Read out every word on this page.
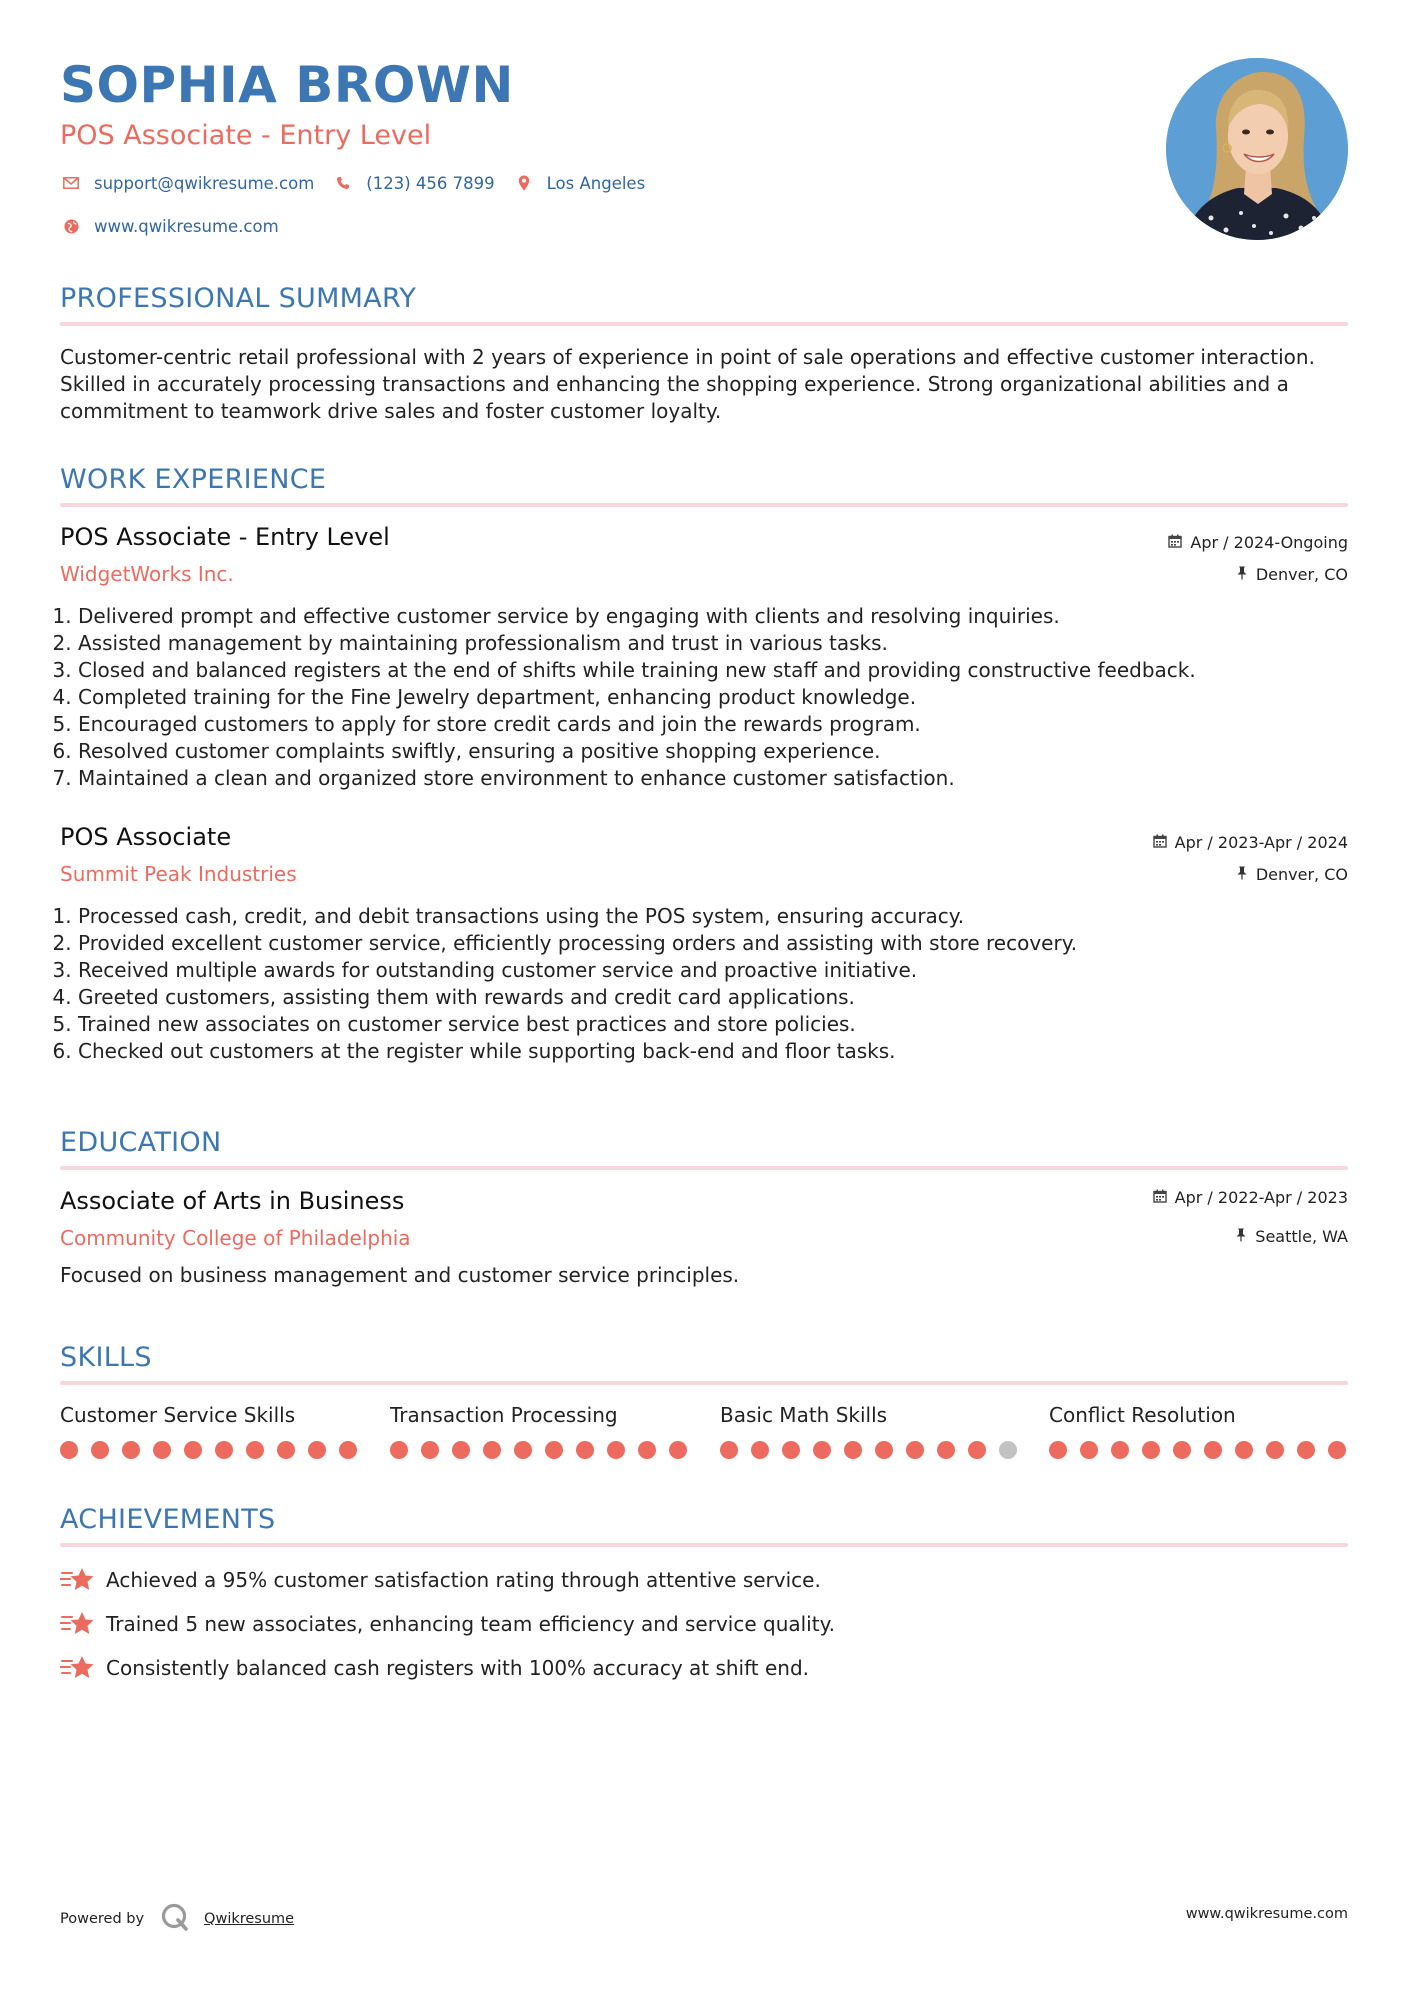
SOPHIA BROWN
POS Associate - Entry Level
support@qwikresume.com	(123) 456 7899	Los Angeles
www.qwikresume.com
PROFESSIONAL SUMMARY

Customer-centric retail professional with 2 years of experience in point of sale operations and effective customer interaction. Skilled in accurately processing transactions and enhancing the shopping experience. Strong organizational abilities and a commitment to teamwork drive sales and foster customer loyalty.

WORK EXPERIENCE
POS Associate - Entry Level
WidgetWorks Inc.
Apr / 2024-Ongoing
Denver, CO
1. Delivered prompt and effective customer service by engaging with clients and resolving inquiries.
2. Assisted management by maintaining professionalism and trust in various tasks.
3. Closed and balanced registers at the end of shifts while training new staff and providing constructive feedback.
4. Completed training for the Fine Jewelry department, enhancing product knowledge.
5. Encouraged customers to apply for store credit cards and join the rewards program.
6. Resolved customer complaints swiftly, ensuring a positive shopping experience.
7. Maintained a clean and organized store environment to enhance customer satisfaction.
POS Associate
Summit Peak Industries
Apr / 2023-Apr / 2024
Denver, CO
1. Processed cash, credit, and debit transactions using the POS system, ensuring accuracy.
2. Provided excellent customer service, efficiently processing orders and assisting with store recovery.
3. Received multiple awards for outstanding customer service and proactive initiative.
4. Greeted customers, assisting them with rewards and credit card applications.
5. Trained new associates on customer service best practices and store policies.
6. Checked out customers at the register while supporting back-end and floor tasks.
EDUCATION
Associate of Arts in Business
Community College of Philadelphia
Apr / 2022-Apr / 2023
Seattle, WA

Focused on business management and customer service principles.

SKILLS
Customer Service Skills	Transaction Processing	Basic Math Skills	Conflict Resolution
ACHIEVEMENTS
Achieved a 95% customer satisfaction rating through attentive service.
Trained 5 new associates, enhancing team efficiency and service quality.
Consistently balanced cash registers with 100% accuracy at shift end.
Powered by	Qwikresume	www.qwikresume.com
